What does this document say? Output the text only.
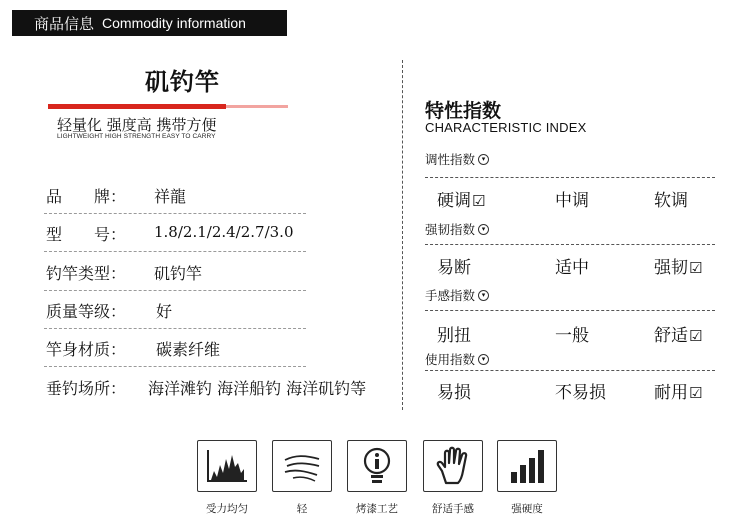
商品信息 Commodity information
矶钓竿
轻量化 强度高 携带方便
LIGHTWEIGHT HIGH STRENGTH EASY TO CARRY
品　　牌： 祥龍
型　　号： 1.8/2.1/2.4/2.7/3.0
钓竿类型： 矶钓竿
质量等级： 好
竿身材质： 碳素纤维
垂钓场所： 海洋滩钓 海洋船钓 海洋矶钓等
特性指数
CHARACTERISTIC INDEX
调性指数 ▾
硬调☑	中调	软调
强韧指数 ▾
易断	适中	强韧☑
手感指数 ▾
别扭	一般	舒适☑
使用指数 ▾
易损	不易损	耐用☑
受力均匀	轻	烤漆工艺	舒适手感	强硬度
